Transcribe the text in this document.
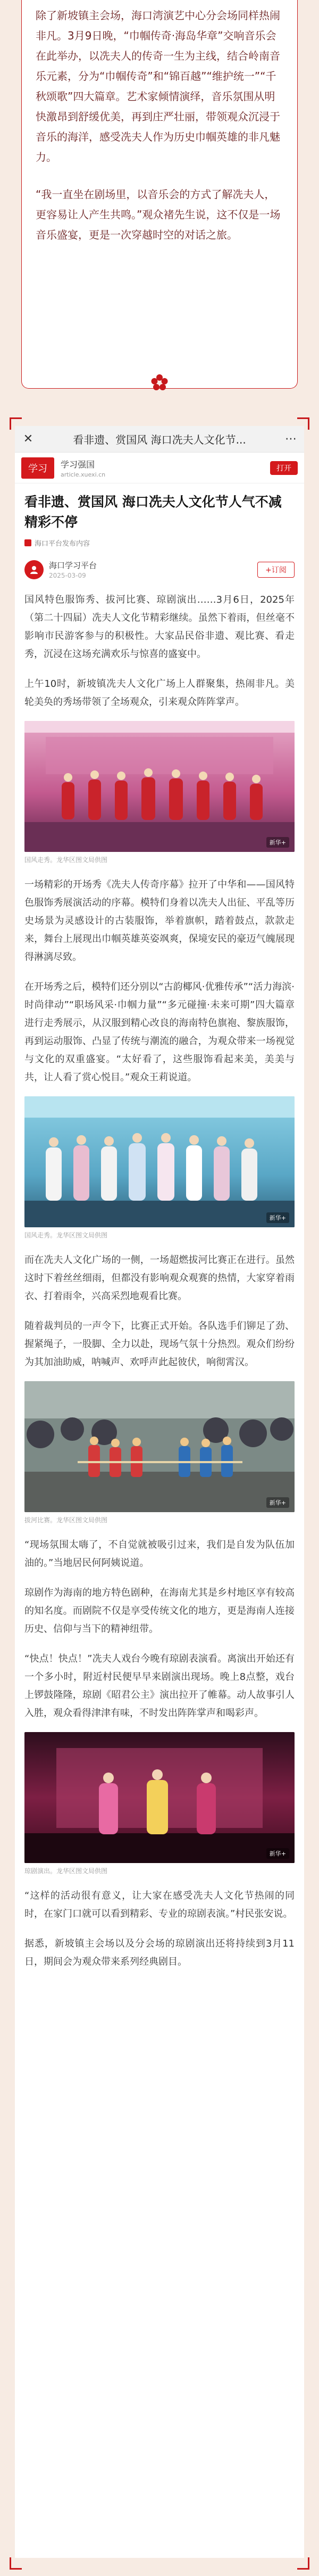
除了新坡镇主会场，海口湾演艺中心分会场同样热闹非凡。3月9日晚，“巾帼传奇·海岛华章”交响音乐会在此举办，以冼夫人的传奇一生为主线，结合岭南音乐元素，分为“巾帼传奇”和“锦百越”“维护统一”“千秋颂歌”四大篇章。艺术家倾情演绎，音乐氛围从明快激昂到舒缓优美，再到庄严壮丽，带领观众沉浸于音乐的海洋，感受冼夫人作为历史巾帼英雄的非凡魅力。

“我一直坐在剧场里，以音乐会的方式了解冼夫人，更容易让人产生共鸣。”观众褚先生说，这不仅是一场音乐盛宴，更是一次穿越时空的对话之旅。

✕	看非遗、赏国风 海口冼夫人文化节...	⋯
学习	学习强国
article.xuexi.cn
打开
看非遗、赏国风 海口冼夫人文化节人气不减精彩不停
海口平台发布内容
海口学习平台
2025-03-09
+订阅

国风特色服饰秀、拔河比赛、琼剧演出……3月6日，2025年（第二十四届）冼夫人文化节精彩继续。虽然下着雨，但丝毫不影响市民游客参与的积极性。大家品民俗非遗、观比赛、看走秀，沉浸在这场充满欢乐与惊喜的盛宴中。

上午10时，新坡镇冼夫人文化广场上人群聚集，热闹非凡。美轮美奂的秀场带领了全场观众，引来观众阵阵掌声。

新华+
国风走秀。龙华区图文局供图

一场精彩的开场秀《冼夫人传奇序幕》拉开了中华和——国风特色服饰秀展演活动的序幕。模特们身着以冼夫人出征、平乱等历史场景为灵感设计的古装服饰，举着旗帜，踏着鼓点，款款走来，舞台上展现出巾帼英雄英姿飒爽，保境安民的豪迈气魄展现得淋漓尽致。

在开场秀之后，模特们还分别以“古韵椰风·优雅传承”“活力海滨·时尚律动”“职场风采·巾帼力量”“多元碰撞·未来可期”四大篇章进行走秀展示，从汉服到精心改良的海南特色旗袍、黎族服饰，再到运动服饰、凸显了传统与潮流的融合，为观众带来一场视觉与文化的双重盛宴。“太好看了，这些服饰看起来美，美美与共，让人看了赏心悦目。”观众王莉说道。

新华+
国风走秀。龙华区图文局供图

而在冼夫人文化广场的一侧，一场超燃拔河比赛正在进行。虽然这时下着丝丝细雨，但都没有影响观众观赛的热情，大家穿着雨衣、打着雨伞，兴高采烈地观看比赛。

随着裁判员的一声令下，比赛正式开始。各队选手们铆足了劲、握紧绳子，一股脚、全力以赴，现场气氛十分热烈。观众们纷纷为其加油助威，呐喊声、欢呼声此起彼伏，响彻霄汉。

新华+
拔河比赛。龙华区图文局供图

“现场氛围太嗨了，不自觉就被吸引过来，我们是自发为队伍加油的。”当地居民何阿姨说道。

琼剧作为海南的地方特色剧种，在海南尤其是乡村地区享有较高的知名度。而剧院不仅是享受传统文化的地方，更是海南人连接历史、信仰与当下的精神纽带。

“快点！快点！”冼夫人戏台今晚有琼剧表演看。离演出开始还有一个多小时，附近村民便早早来剧演出现场。晚上8点整，戏台上锣鼓隆隆，琼剧《昭君公主》演出拉开了帷幕。动人故事引人入胜，观众看得津津有味，不时发出阵阵掌声和喝彩声。

新华+
琼剧演出。龙华区图文局供图

“这样的活动很有意义，让大家在感受冼夫人文化节热闹的同时，在家门口就可以看到精彩、专业的琼剧表演。”村民张安说。

据悉，新坡镇主会场以及分会场的琼剧演出还将持续到3月11日，期间会为观众带来系列经典剧目。
